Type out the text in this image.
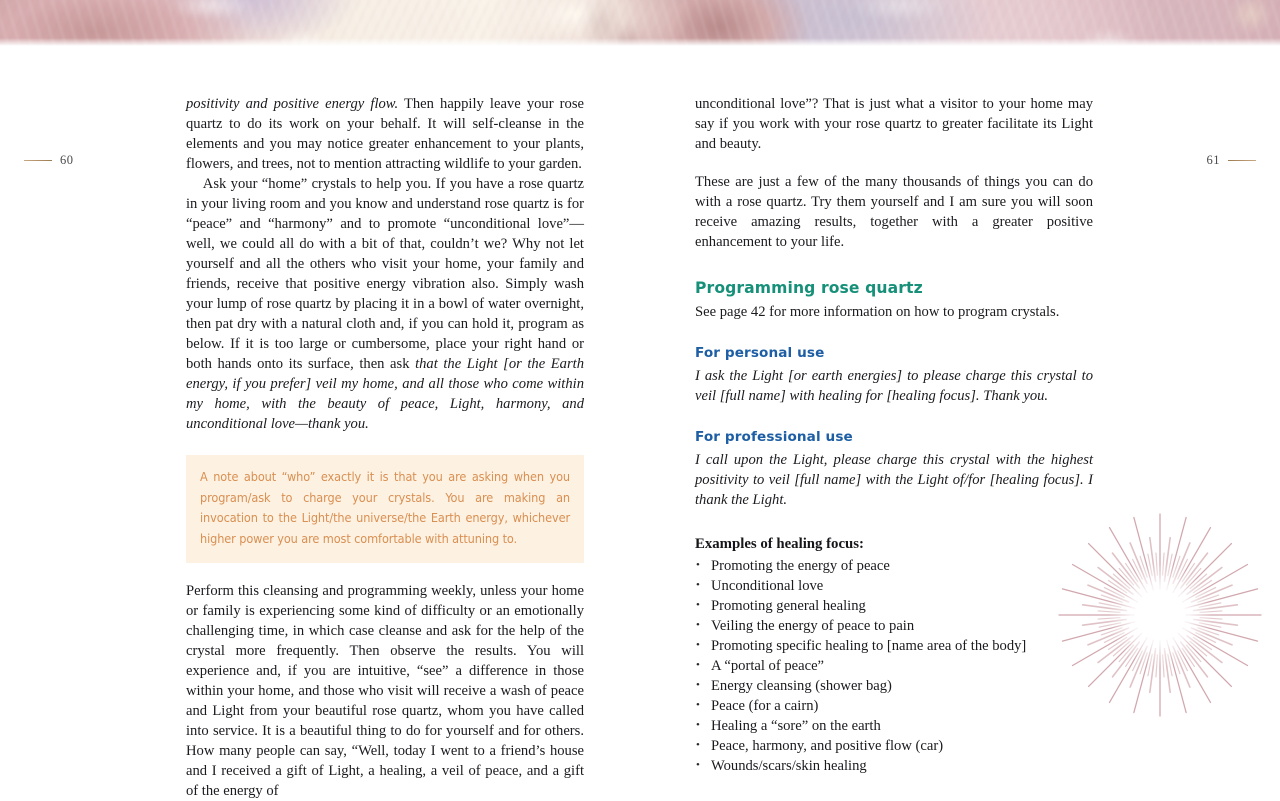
60	61

positivity and positive energy flow. Then happily leave your rose quartz to do its work on your behalf. It will self-cleanse in the elements and you may notice greater enhancement to your plants, flowers, and trees, not to mention attracting wildlife to your garden.

Ask your “home” crystals to help you. If you have a rose quartz in your living room and you know and understand rose quartz is for “peace” and “harmony” and to promote “unconditional love”—well, we could all do with a bit of that, couldn’t we? Why not let yourself and all the others who visit your home, your family and friends, receive that positive energy vibration also. Simply wash your lump of rose quartz by placing it in a bowl of water overnight, then pat dry with a natural cloth and, if you can hold it, program as below. If it is too large or cumbersome, place your right hand or both hands onto its surface, then ask that the Light [or the Earth energy, if you prefer] veil my home, and all those who come within my home, with the beauty of peace, Light, harmony, and unconditional love—thank you.

A note about “who” exactly it is that you are asking when you program/ask to charge your crystals. You are making an invocation to the Light/the universe/the Earth energy, whichever higher power you are most comfortable with attuning to.

Perform this cleansing and programming weekly, unless your home or family is experiencing some kind of difficulty or an emotionally challenging time, in which case cleanse and ask for the help of the crystal more frequently. Then observe the results. You will experience and, if you are intuitive, “see” a difference in those within your home, and those who visit will receive a wash of peace and Light from your beautiful rose quartz, whom you have called into service. It is a beautiful thing to do for yourself and for others. How many people can say, “Well, today I went to a friend’s house and I received a gift of Light, a healing, a veil of peace, and a gift of the energy of

unconditional love”? That is just what a visitor to your home may say if you work with your rose quartz to greater facilitate its Light and beauty.

These are just a few of the many thousands of things you can do with a rose quartz. Try them yourself and I am sure you will soon receive amazing results, together with a greater positive enhancement to your life.

Programming rose quartz

See page 42 for more information on how to program crystals.

For personal use

I ask the Light [or earth energies] to please charge this crystal to veil [full name] with healing for [healing focus]. Thank you.

For professional use

I call upon the Light, please charge this crystal with the highest positivity to veil [full name] with the Light of/for [healing focus]. I thank the Light.

Examples of healing focus:
• Promoting the energy of peace
• Unconditional love
• Promoting general healing
• Veiling the energy of peace to pain
• Promoting specific healing to [name area of the body]
• A “portal of peace”
• Energy cleansing (shower bag)
• Peace (for a cairn)
• Healing a “sore” on the earth
• Peace, harmony, and positive flow (car)
• Wounds/scars/skin healing
